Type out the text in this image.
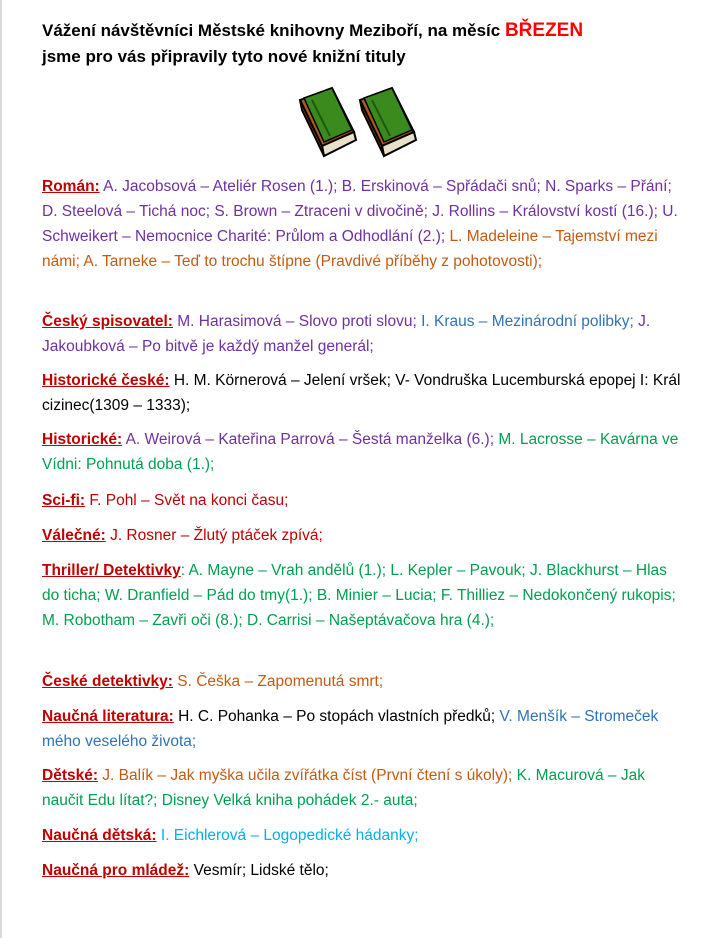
Vážení návštěvníci Městské knihovny Meziboří, na měsíc BŘEZEN
jsme pro vás připravily tyto nové knižní tituly
Román: A. Jacobsová – Ateliér Rosen (1.); B. Erskinová – Spřádači snů; N. Sparks – Přání; D. Steelová – Tichá noc; S. Brown – Ztraceni v divočině; J. Rollins – Království kostí (16.); U. Schweikert – Nemocnice Charité: Průlom a Odhodlání (2.); L. Madeleine – Tajemství mezi námi; A. Tarneke – Teď to trochu štípne (Pravdivé příběhy z pohotovosti);
Český spisovatel: M. Harasimová – Slovo proti slovu; I. Kraus – Mezinárodní polibky; J. Jakoubková – Po bitvě je každý manžel generál;
Historické české: H. M. Körnerová – Jelení vršek; V- Vondruška Lucemburská epopej I: Král cizinec(1309 – 1333);
Historické: A. Weirová – Kateřina Parrová – Šestá manželka (6.); M. Lacrosse – Kavárna ve Vídni: Pohnutá doba (1.);
Sci-fi: F. Pohl – Svět na konci času;
Válečné: J. Rosner – Žlutý ptáček zpívá;
Thriller/ Detektivky: A. Mayne – Vrah andělů (1.); L. Kepler – Pavouk; J. Blackhurst – Hlas do ticha; W. Dranfield – Pád do tmy(1.); B. Minier – Lucia; F. Thilliez – Nedokončený rukopis; M. Robotham – Zavři oči (8.); D. Carrisi – Našeptávačova hra (4.);
České detektivky: S. Češka – Zapomenutá smrt;
Naučná literatura: H. C. Pohanka – Po stopách vlastních předků; V. Menšík – Stromeček mého veselého života;
Dětské: J. Balík – Jak myška učila zvířátka číst (První čtení s úkoly); K. Macurová – Jak naučit Edu lítat?; Disney Velká kniha pohádek 2.- auta;
Naučná dětská: I. Eichlerová – Logopedické hádanky;
Naučná pro mládež: Vesmír; Lidské tělo;
